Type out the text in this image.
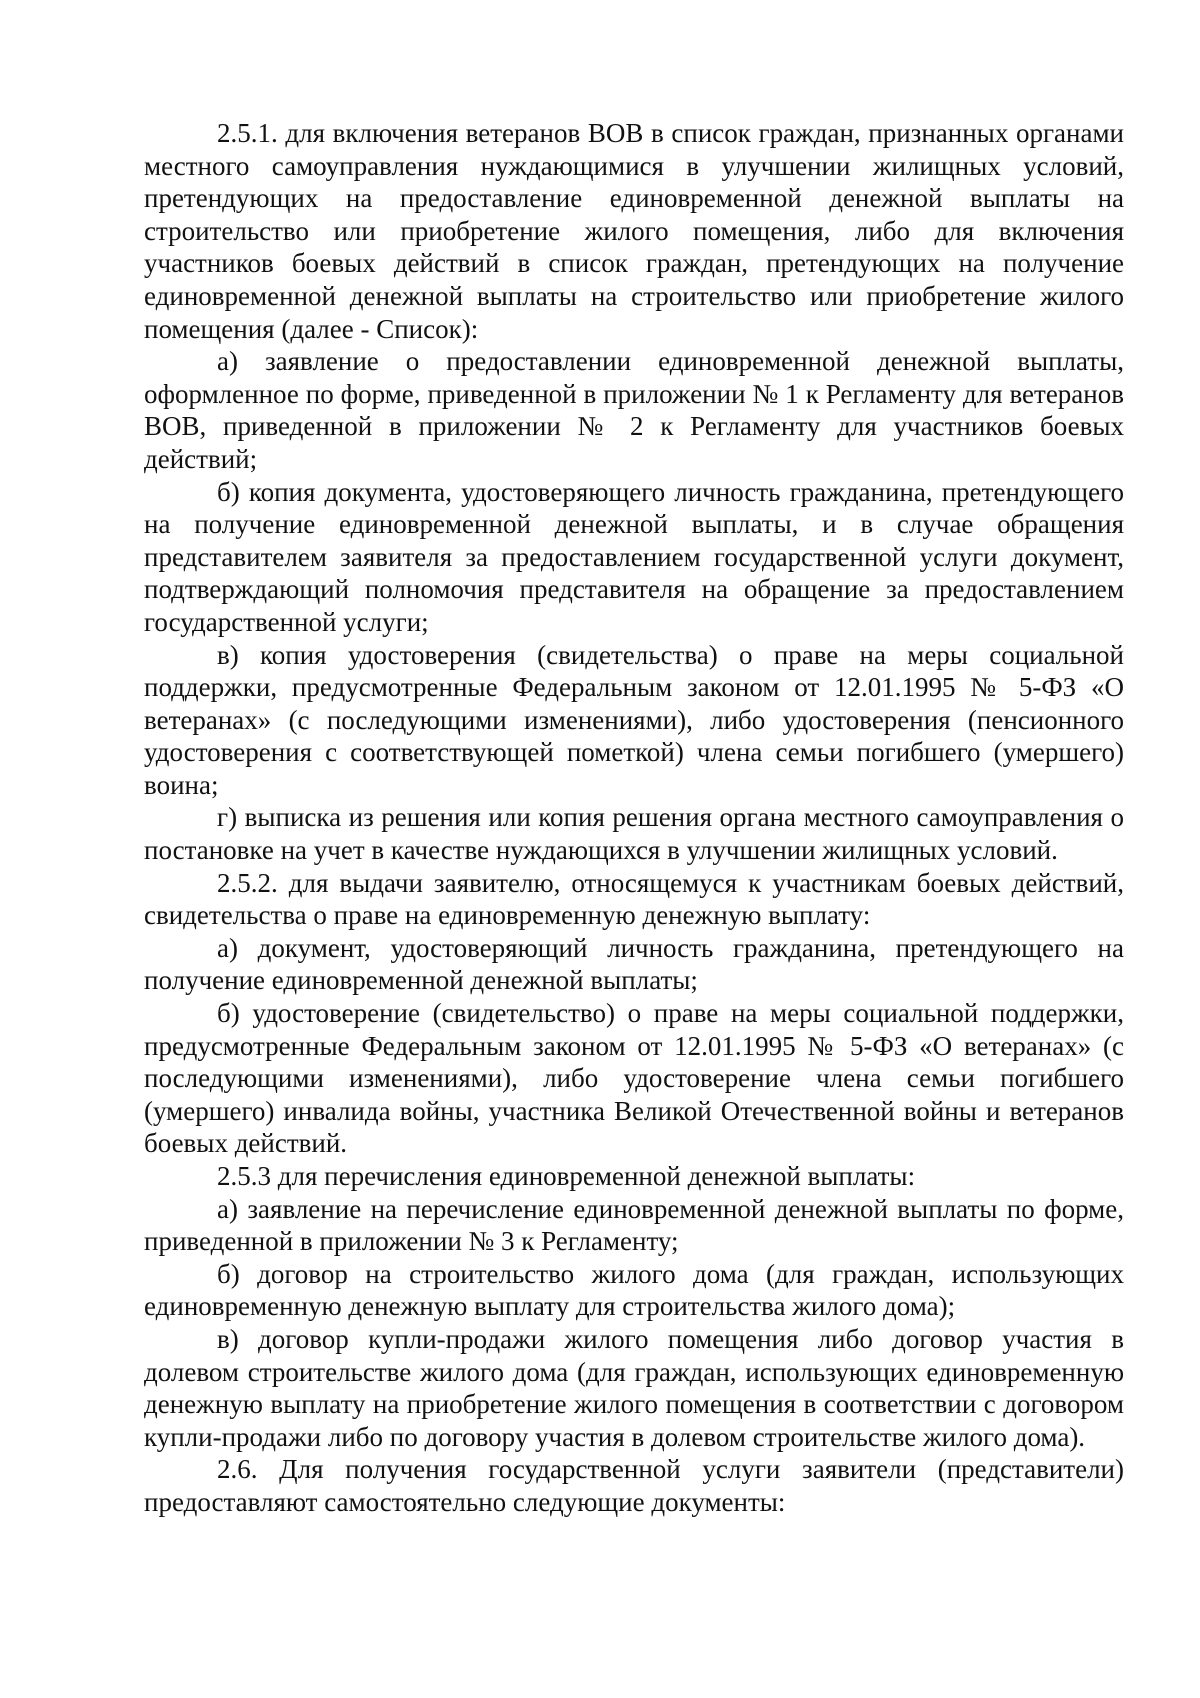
2.5.1. для включения ветеранов ВОВ в список граждан, признанных органами местного самоуправления нуждающимися в улучшении жилищных условий, претендующих на предоставление единовременной денежной выплаты на строительство или приобретение жилого помещения, либо для включения участников боевых действий в список граждан, претендующих на получение единовременной денежной выплаты на строительство или приобретение жилого помещения (далее - Список):

а) заявление о предоставлении единовременной денежной выплаты, оформленное по форме, приведенной в приложении № 1 к Регламенту для ветеранов ВОВ, приведенной в приложении № 2 к Регламенту для участников боевых действий;

б) копия документа, удостоверяющего личность гражданина, претендующего на получение единовременной денежной выплаты, и в случае обращения представителем заявителя за предоставлением государственной услуги документ, подтверждающий полномочия представителя на обращение за предоставлением государственной услуги;

в) копия удостоверения (свидетельства) о праве на меры социальной поддержки, предусмотренные Федеральным законом от 12.01.1995 № 5-ФЗ «О ветеранах» (с последующими изменениями), либо удостоверения (пенсионного удостоверения с соответствующей пометкой) члена семьи погибшего (умершего) воина;

г) выписка из решения или копия решения органа местного самоуправления о постановке на учет в качестве нуждающихся в улучшении жилищных условий.

2.5.2. для выдачи заявителю, относящемуся к участникам боевых действий, свидетельства о праве на единовременную денежную выплату:

а) документ, удостоверяющий личность гражданина, претендующего на получение единовременной денежной выплаты;

б) удостоверение (свидетельство) о праве на меры социальной поддержки, предусмотренные Федеральным законом от 12.01.1995 № 5-ФЗ «О ветеранах» (с последующими изменениями), либо удостоверение члена семьи погибшего (умершего) инвалида войны, участника Великой Отечественной войны и ветеранов боевых действий.

2.5.3 для перечисления единовременной денежной выплаты:

а) заявление на перечисление единовременной денежной выплаты по форме, приведенной в приложении № 3 к Регламенту;

б) договор на строительство жилого дома (для граждан, использующих единовременную денежную выплату для строительства жилого дома);

в) договор купли-продажи жилого помещения либо договор участия в долевом строительстве жилого дома (для граждан, использующих единовременную денежную выплату на приобретение жилого помещения в соответствии с договором купли-продажи либо по договору участия в долевом строительстве жилого дома).

2.6. Для получения государственной услуги заявители (представители) предоставляют самостоятельно следующие документы:
